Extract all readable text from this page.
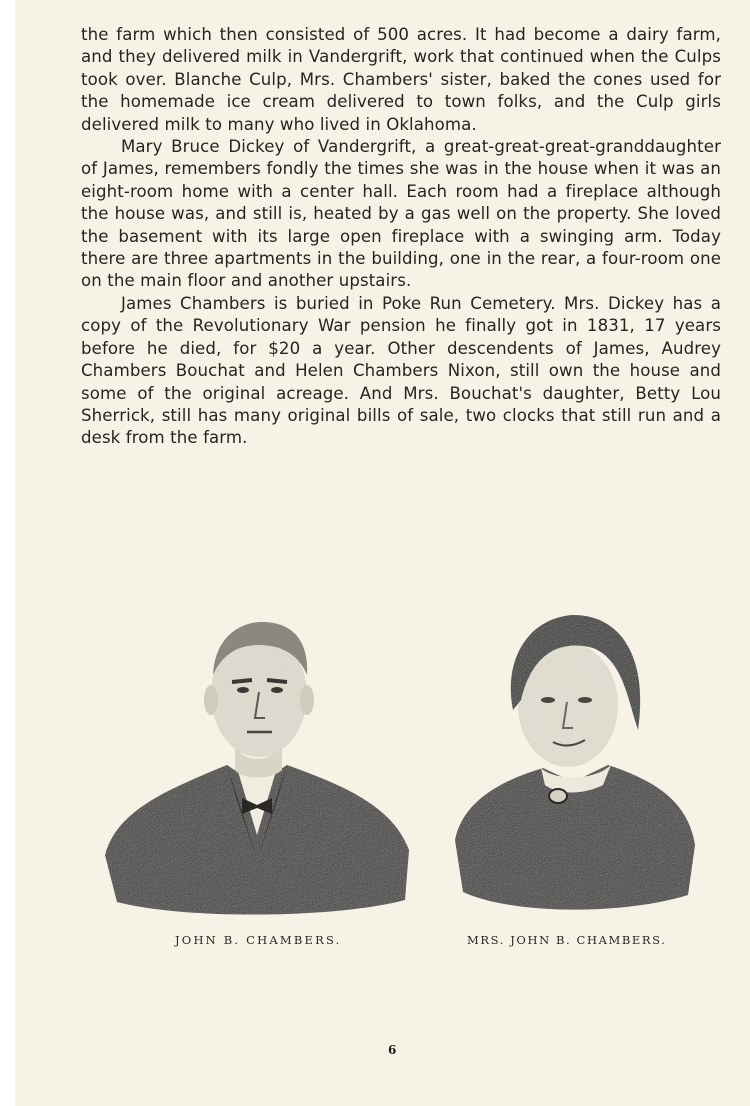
the farm which then consisted of 500 acres. It had become a dairy farm, and they delivered milk in Vandergrift, work that continued when the Culps took over. Blanche Culp, Mrs. Chambers' sister, baked the cones used for the homemade ice cream delivered to town folks, and the Culp girls delivered milk to many who lived in Oklahoma.

Mary Bruce Dickey of Vandergrift, a great-great-great-granddaughter of James, remembers fondly the times she was in the house when it was an eight-room home with a center hall. Each room had a fireplace although the house was, and still is, heated by a gas well on the property. She loved the basement with its large open fireplace with a swinging arm. Today there are three apartments in the building, one in the rear, a four-room one on the main floor and another upstairs.

James Chambers is buried in Poke Run Cemetery. Mrs. Dickey has a copy of the Revolutionary War pension he finally got in 1831, 17 years before he died, for $20 a year. Other descendents of James, Audrey Chambers Bouchat and Helen Chambers Nixon, still own the house and some of the original acreage. And Mrs. Bouchat's daughter, Betty Lou Sherrick, still has many original bills of sale, two clocks that still run and a desk from the farm.

JOHN B. CHAMBERS.	MRS. JOHN B. CHAMBERS.
6
